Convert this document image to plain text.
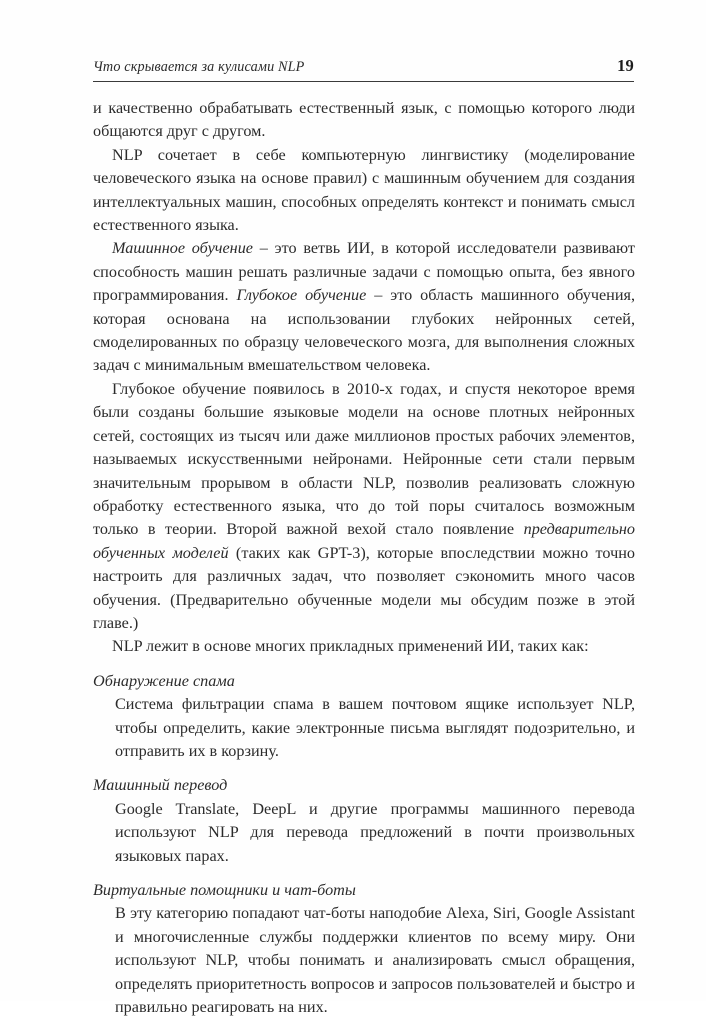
Что скрывается за кулисами NLP	19

и качественно обрабатывать естественный язык, с помощью которого люди общаются друг с другом.

NLP сочетает в себе компьютерную лингвистику (моделирование человеческого языка на основе правил) с машинным обучением для создания интеллектуальных машин, способных определять контекст и понимать смысл естественного языка.

Машинное обучение – это ветвь ИИ, в которой исследователи развивают способность машин решать различные задачи с помощью опыта, без явного программирования. Глубокое обучение – это область машинного обучения, которая основана на использовании глубоких нейронных сетей, смоделированных по образцу человеческого мозга, для выполнения сложных задач с минимальным вмешательством человека.

Глубокое обучение появилось в 2010-х годах, и спустя некоторое время были созданы большие языковые модели на основе плотных нейронных сетей, состоящих из тысяч или даже миллионов простых рабочих элементов, называемых искусственными нейронами. Нейронные сети стали первым значительным прорывом в области NLP, позволив реализовать сложную обработку естественного языка, что до той поры считалось возможным только в теории. Второй важной вехой стало появление предварительно обученных моделей (таких как GPT-3), которые впоследствии можно точно настроить для различных задач, что позволяет сэкономить много часов обучения. (Предварительно обученные модели мы обсудим позже в этой главе.)

NLP лежит в основе многих прикладных применений ИИ, таких как:

Обнаружение спама

Система фильтрации спама в вашем почтовом ящике использует NLP, чтобы определить, какие электронные письма выглядят подозрительно, и отправить их в корзину.

Машинный перевод

Google Translate, DeepL и другие программы машинного перевода используют NLP для перевода предложений в почти произвольных языковых парах.

Виртуальные помощники и чат-боты

В эту категорию попадают чат-боты наподобие Alexa, Siri, Google Assistant и многочисленные службы поддержки клиентов по всему миру. Они используют NLP, чтобы понимать и анализировать смысл обращения, определять приоритетность вопросов и запросов пользователей и быстро и правильно реагировать на них.
